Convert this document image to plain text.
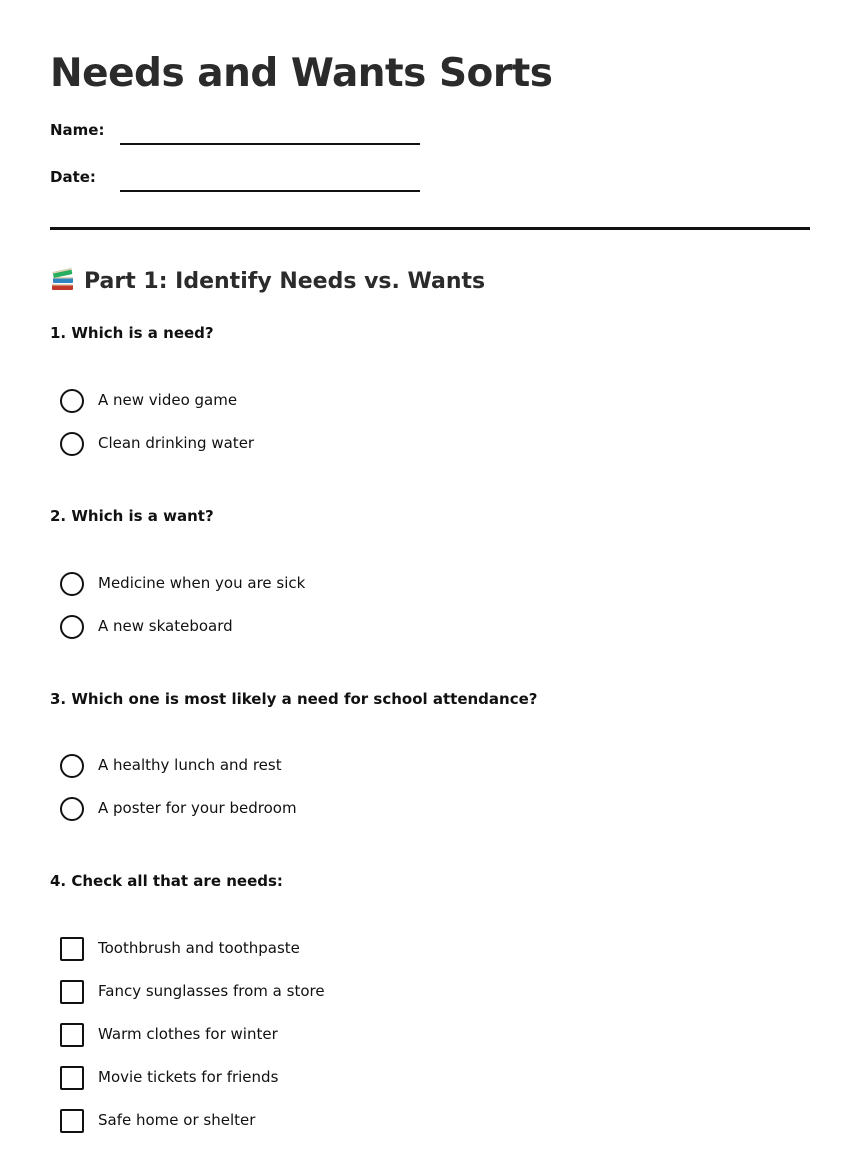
Needs and Wants Sorts
Name:
Date:
Part 1: Identify Needs vs. Wants
1. Which is a need?
A new video game
Clean drinking water
2. Which is a want?
Medicine when you are sick
A new skateboard
3. Which one is most likely a need for school attendance?
A healthy lunch and rest
A poster for your bedroom
4. Check all that are needs:
Toothbrush and toothpaste
Fancy sunglasses from a store
Warm clothes for winter
Movie tickets for friends
Safe home or shelter
